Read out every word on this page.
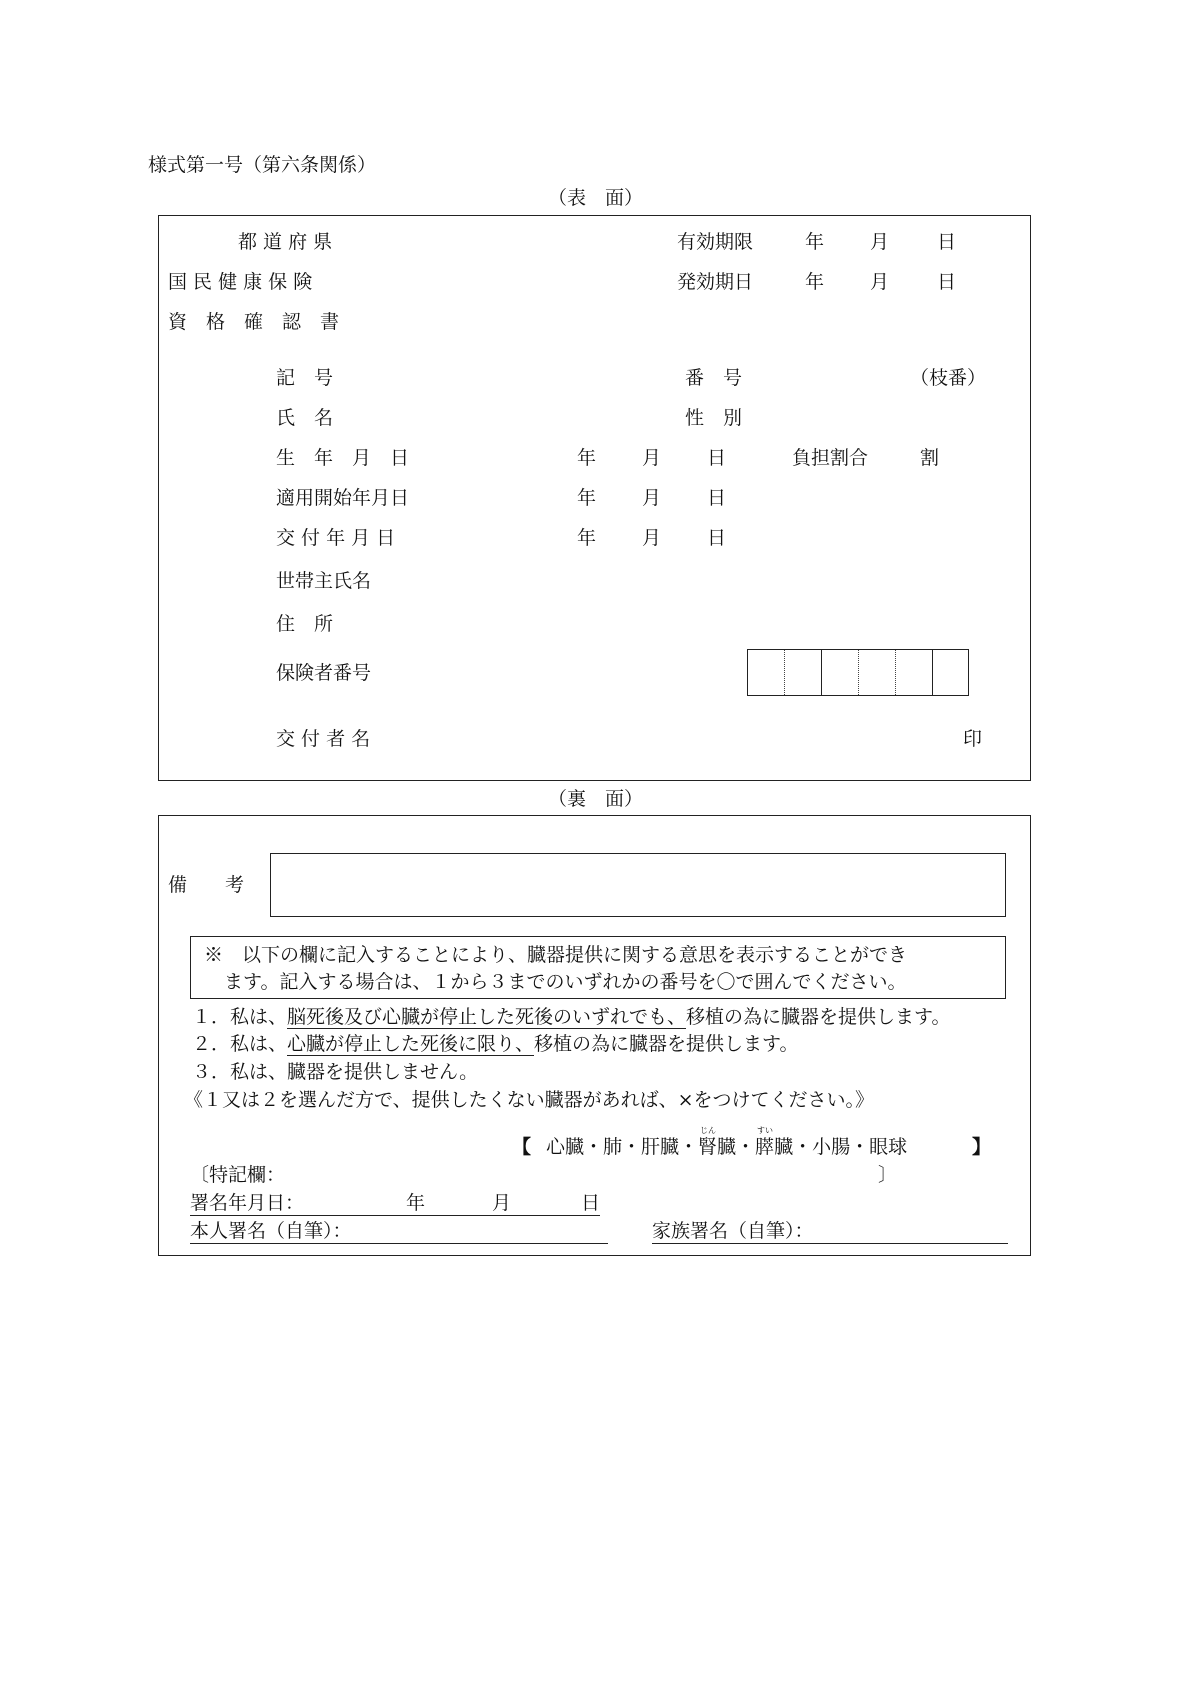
様式第一号（第六条関係）
（表　面）
都 道 府 県
国 民 健 康 保 険
資　格　確　認　書
有効期限	年 月	日
発効期日	年 月	日
記　号	番　号	（枝番）
氏　名	性　別
生　年　月　日	年 月 日	負担割合	割
適用開始年月日	年 月 日
交 付 年 月 日	年 月 日
世帯主氏名
住　所
保険者番号
交 付 者 名	印
（裏　面）
備　　考
※　以下の欄に記入することにより、臓器提供に関する意思を表示することができ
ます。記入する場合は、１から３までのいずれかの番号を〇で囲んでください。
１．私は、脳死後及び心臓が停止した死後のいずれでも、移植の為に臓器を提供します。
２．私は、心臓が停止した死後に限り、移植の為に臓器を提供します。
３．私は、臓器を提供しません。
《１又は２を選んだ方で、提供したくない臓器があれば、×をつけてください。》
【 心臓・肺・肝臓・
じん
腎臓・
すい
膵臓・小腸・眼球	】
〔特記欄：	〕
署名年月日：	年	月	日
本人署名（自筆）：	家族署名（自筆）：
